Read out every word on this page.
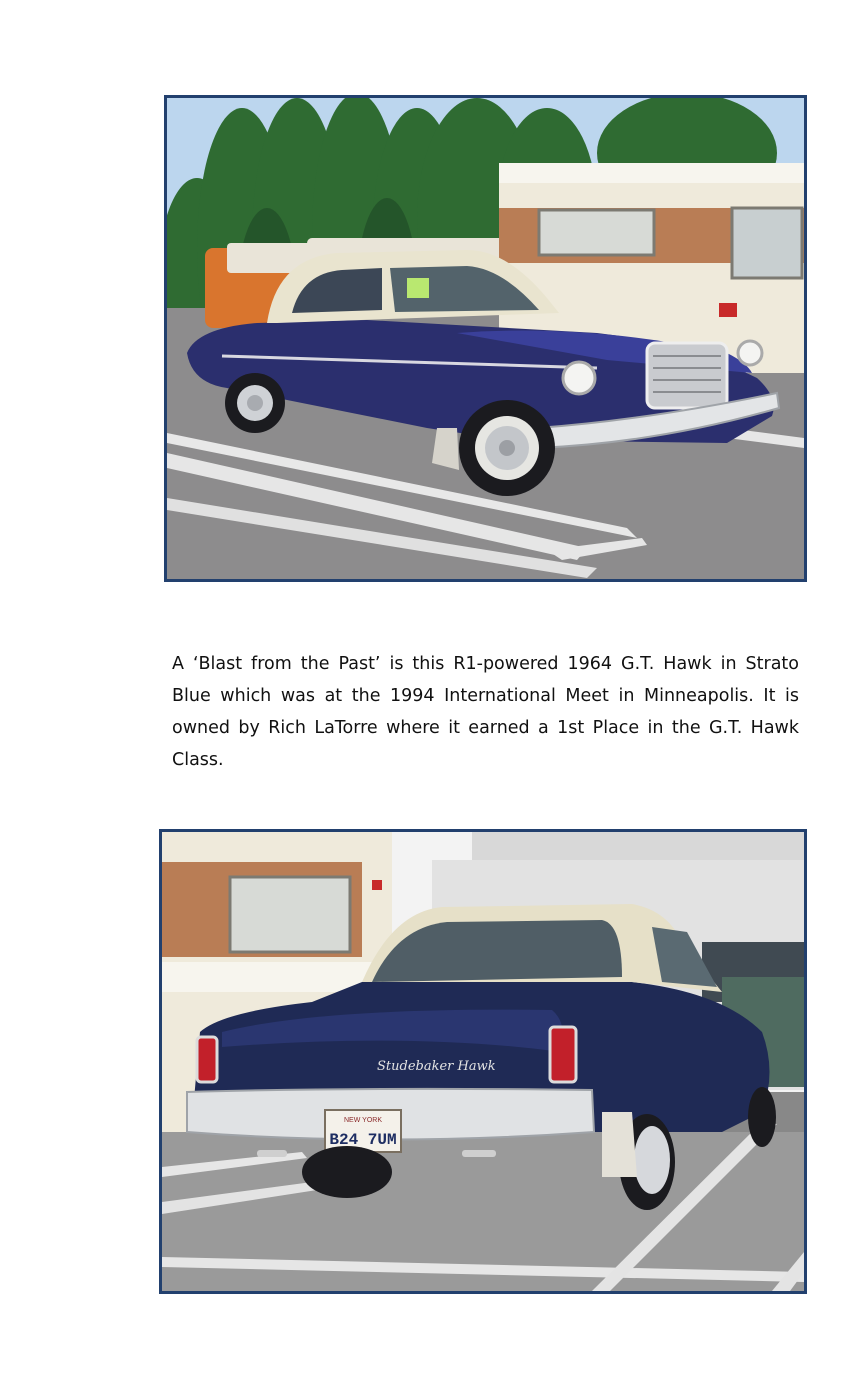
A ‘Blast from the Past’ is this R1-powered 1964 G.T. Hawk in Strato Blue which was at the 1994 International Meet in Minneapolis. It is owned by Rich LaTorre where it earned a 1st Place in the G.T. Hawk Class.

Studebaker Hawk
NEW YORK
B24 7UM
